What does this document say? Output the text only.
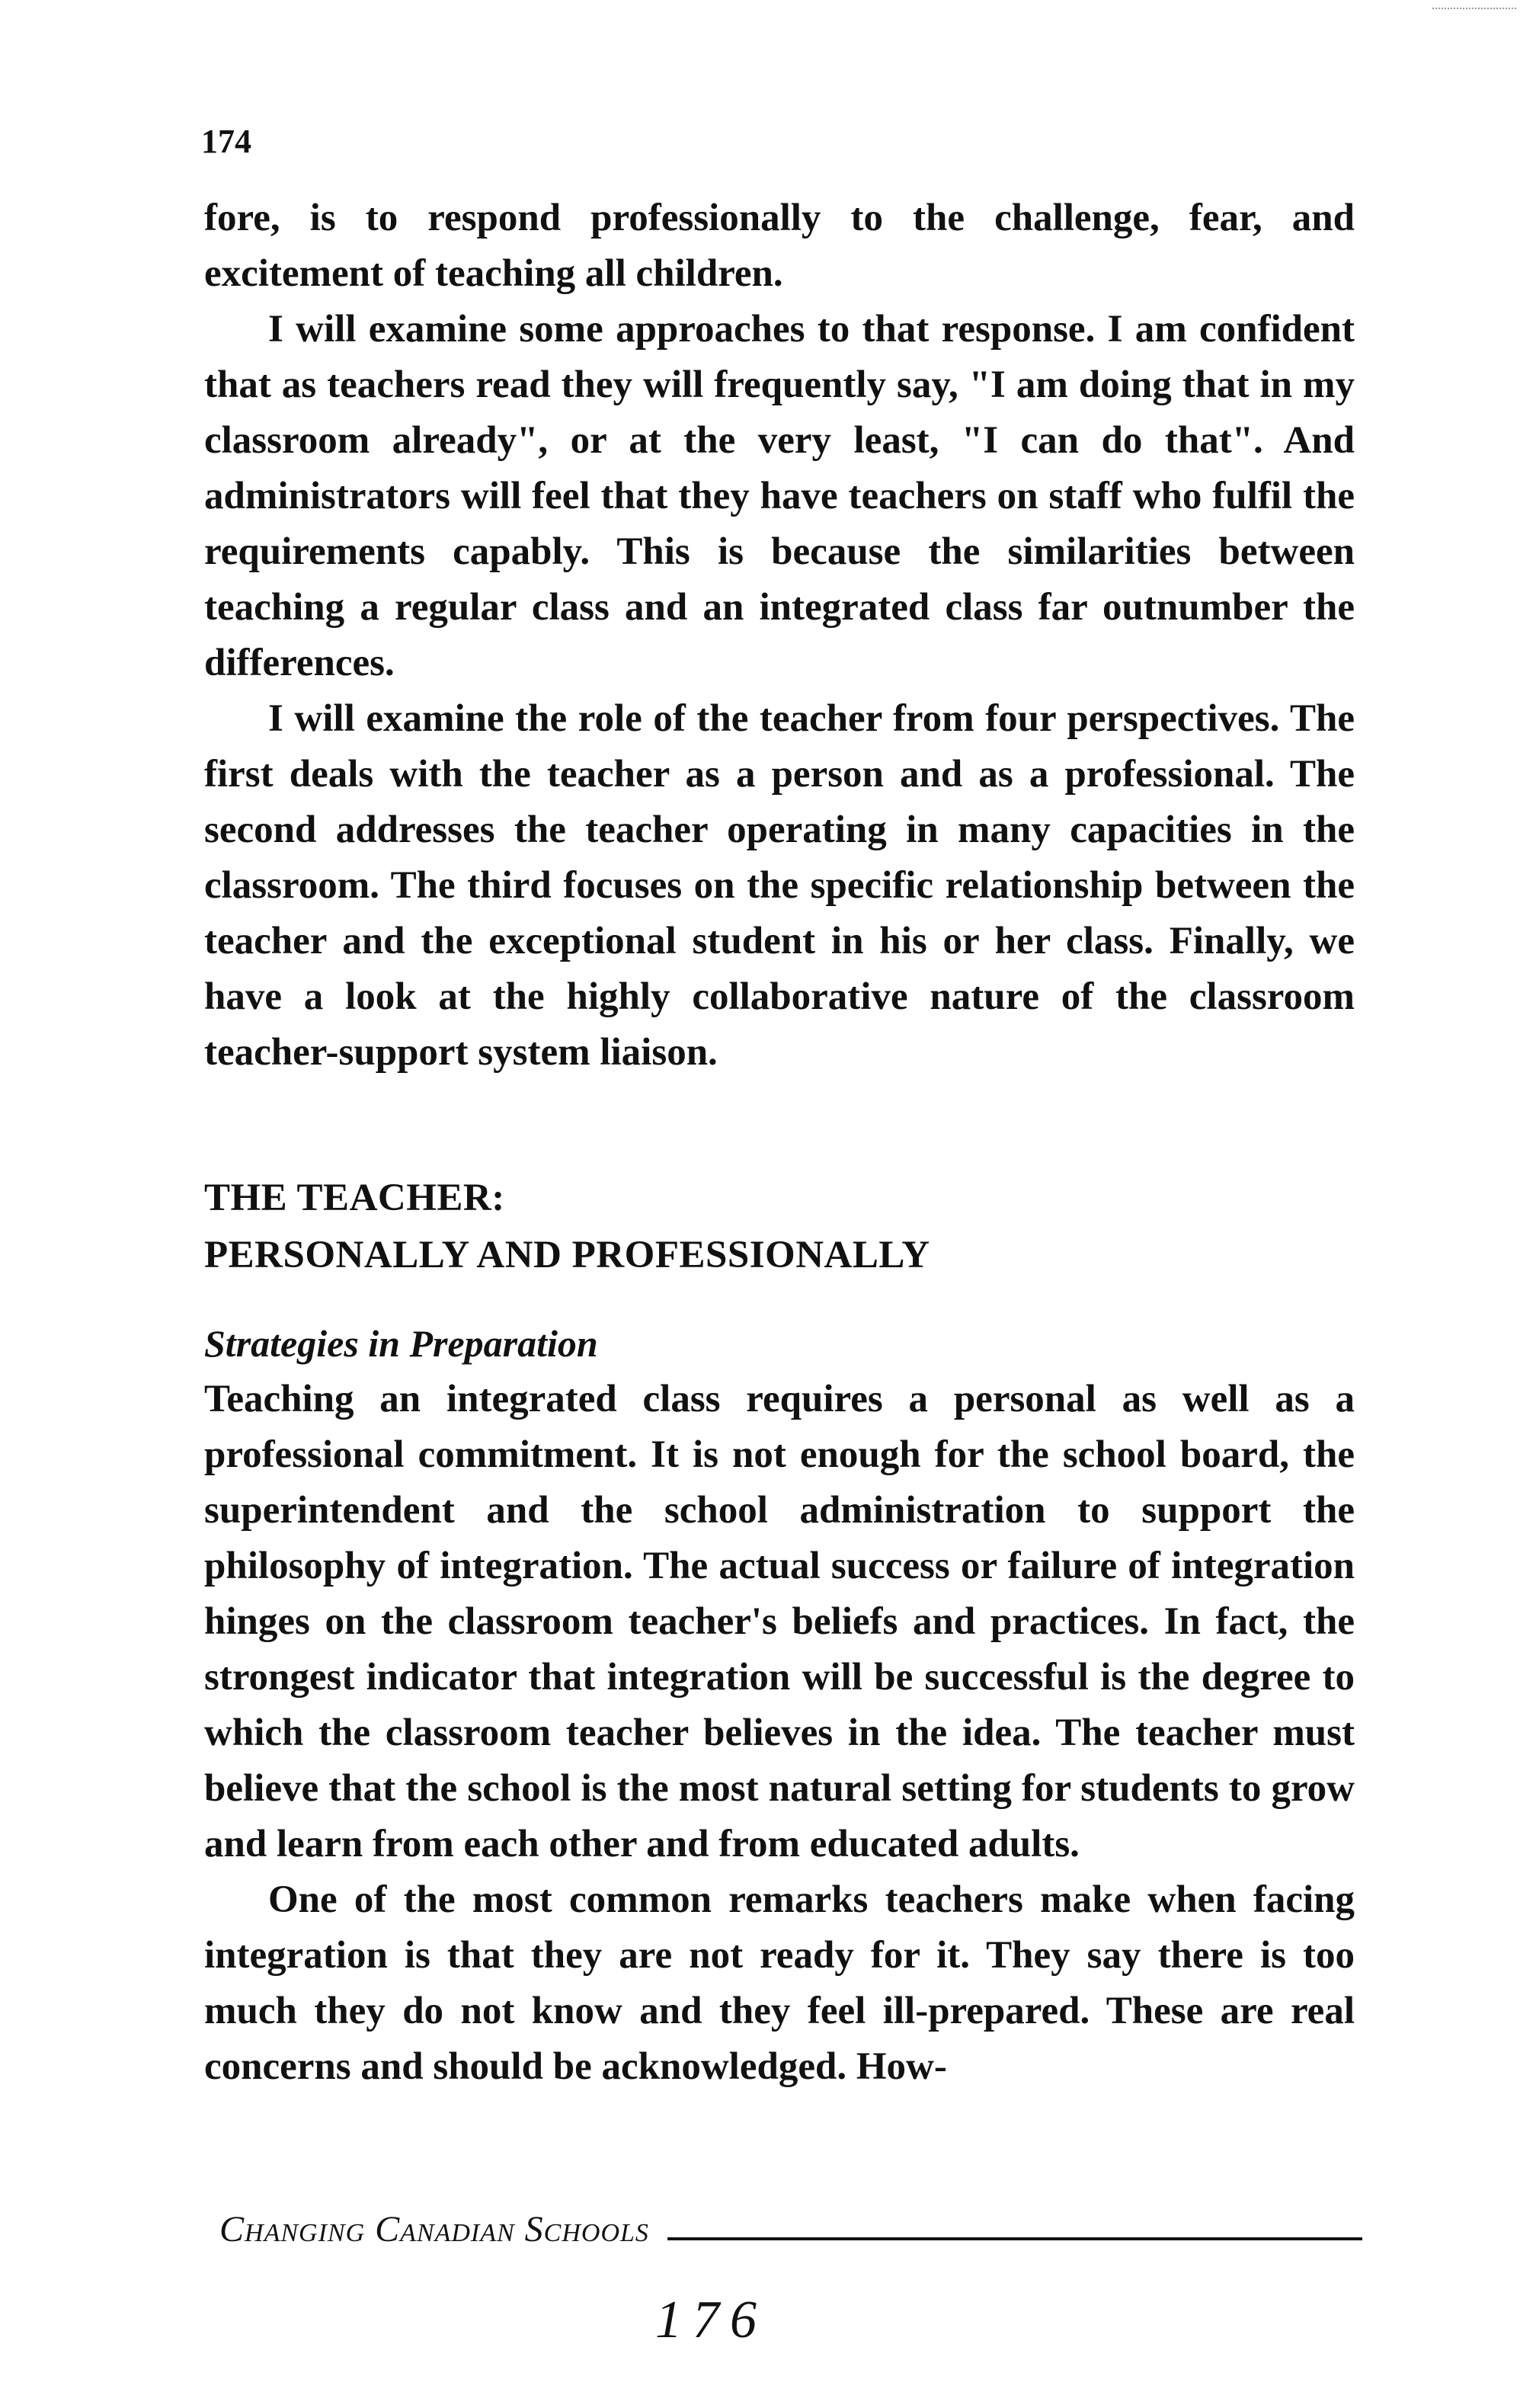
174

fore, is to respond professionally to the challenge, fear, and excitement of teaching all children.

I will examine some approaches to that response. I am confident that as teachers read they will frequently say, "I am doing that in my classroom already", or at the very least, "I can do that". And administrators will feel that they have teachers on staff who fulfil the requirements capably. This is because the similarities between teaching a regular class and an integrated class far outnumber the differences.

I will examine the role of the teacher from four perspectives. The first deals with the teacher as a person and as a professional. The second addresses the teacher operating in many capacities in the classroom. The third focuses on the specific relationship between the teacher and the exceptional student in his or her class. Finally, we have a look at the highly collaborative nature of the classroom teacher-support system liaison.

THE TEACHER:
PERSONALLY AND PROFESSIONALLY
Strategies in Preparation

Teaching an integrated class requires a personal as well as a professional commitment. It is not enough for the school board, the superintendent and the school administration to support the philosophy of integration. The actual success or failure of integration hinges on the classroom teacher's beliefs and practices. In fact, the strongest indicator that integration will be successful is the degree to which the classroom teacher believes in the idea. The teacher must believe that the school is the most natural setting for students to grow and learn from each other and from educated adults.

One of the most common remarks teachers make when facing integration is that they are not ready for it. They say there is too much they do not know and they feel ill-prepared. These are real concerns and should be acknowledged. How-

Changing Canadian Schools
176
